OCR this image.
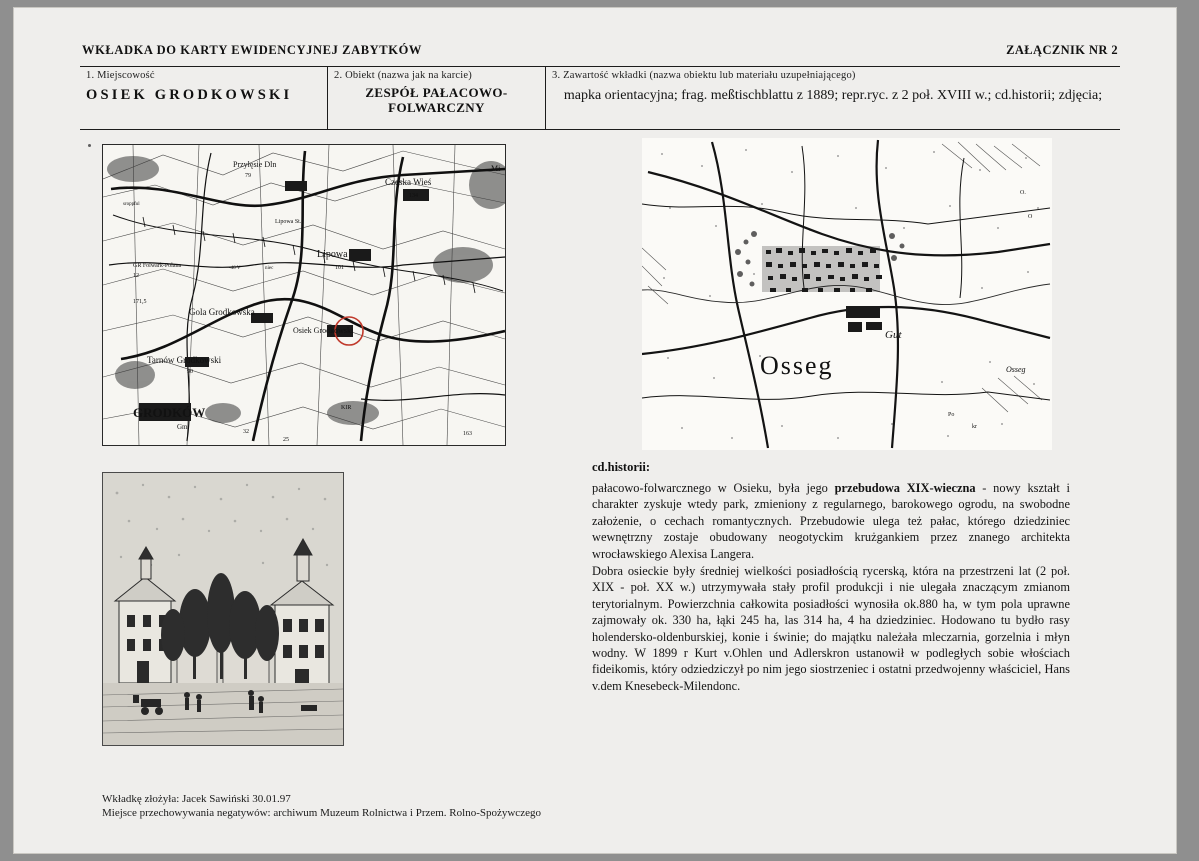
WKŁADKA DO KARTY EWIDENCYJNEJ ZABYTKÓW	ZAŁĄCZNIK NR 2
1. Miejscowość
OSIEK GRODKOWSKI
2. Obiekt (nazwa jak na karcie)
ZESPÓŁ PAŁACOWO-FOLWARCZNY
3. Zawartość wkładki (nazwa obiektu lub materiału uzupełniającego)
mapka orientacyjna; frag. meßtischblattu z 1889; repr.ryc. z 2 poł. XVIII w.; cd.historii; zdjęcia;
Przyłęsie Dln
79
Czeska Wieś
134
Mi
Lipowa St.
Lipowa
101
GR Folwark-Polana
12
171,5
Gola Grodkowska
-46 V	niec
Osiek Grodkowski
Tarnów Grodkowski
90
GRODKÓW
Gm.
32
25
163
sroppful
KIR
Osseg
Gut
Osseg
O.
O
Po
kr
cd.historii:

pałacowo-folwarcznego w Osieku, była jego przebudowa XIX-wieczna - nowy kształt i charakter zyskuje wtedy park, zmieniony z regularnego, barokowego ogrodu, na swobodne założenie, o cechach romantycznych. Przebudowie ulega też pałac, którego dziedziniec wewnętrzny zostaje obudowany neogotyckim krużgankiem przez znanego architekta wrocławskiego Alexisa Langera.

Dobra osieckie były średniej wielkości posiadłością rycerską, która na przestrzeni lat (2 poł. XIX - poł. XX w.) utrzymywała stały profil produkcji i nie ulegała znaczącym zmianom terytorialnym. Powierzchnia całkowita posiadłości wynosiła ok.880 ha, w tym pola uprawne zajmowały ok. 330 ha, łąki 245 ha, las 314 ha, 4 ha dziedziniec. Hodowano tu bydło rasy holendersko-oldenburskiej, konie i świnie; do majątku należała mleczarnia, gorzelnia i młyn wodny. W 1899 r Kurt v.Ohlen und Adlerskron ustanowił w podległych sobie włościach fideikomis, który odziedziczył po nim jego siostrzeniec i ostatni przedwojenny właściciel, Hans v.dem Knesebeck-Milendonc.

Wkładkę złożyła: Jacek Sawiński 30.01.97
Miejsce przechowywania negatywów: archiwum Muzeum Rolnictwa i Przem. Rolno-Spożywczego
